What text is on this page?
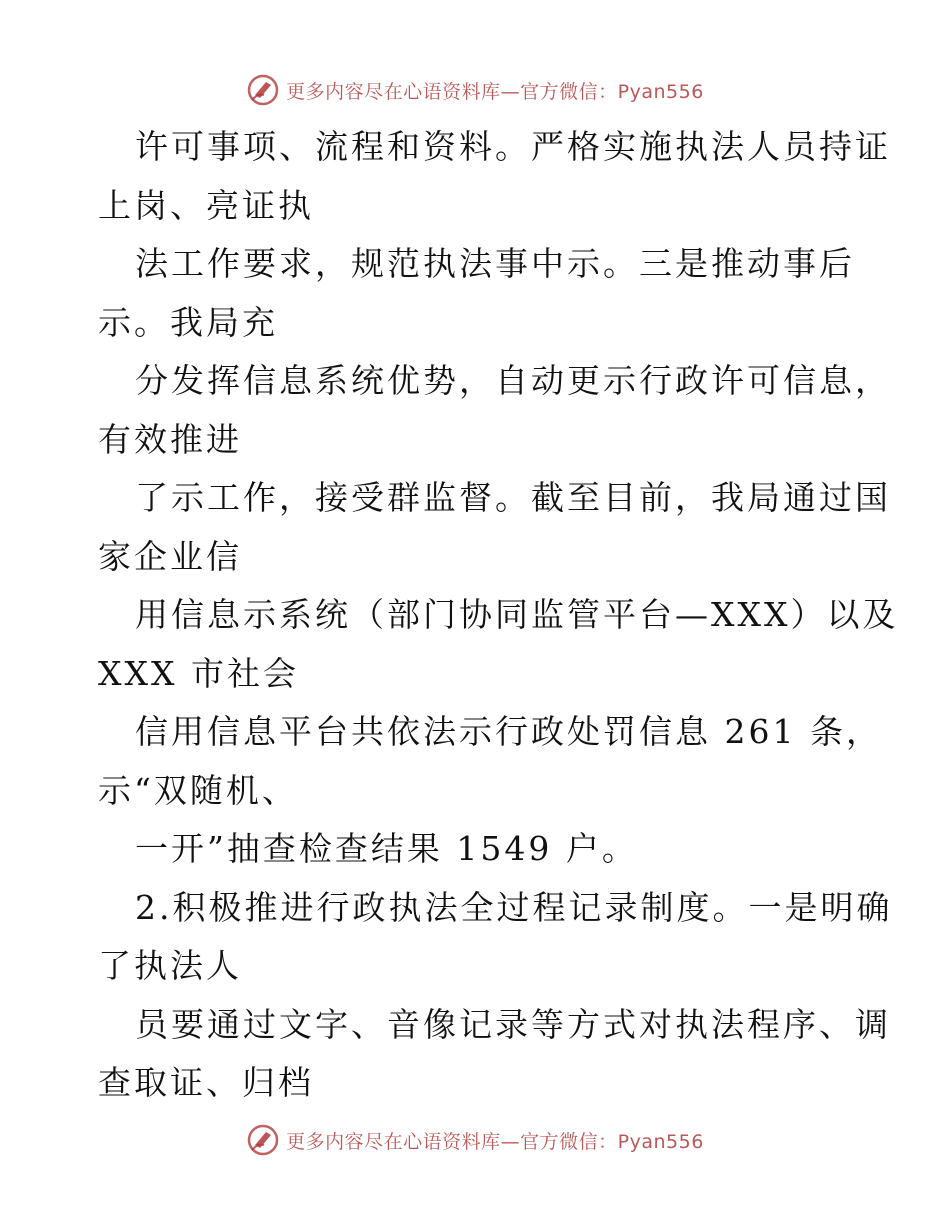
更多内容尽在心语资料库—官方微信：Pyan556
许可事项、流程和资料。严格实施执法人员持证
上岗、亮证执
法工作要求，规范执法事中示。三是推动事后
示。我局充
分发挥信息系统优势，自动更示行政许可信息，
有效推进
了示工作，接受群监督。截至目前，我局通过国
家企业信
用信息示系统（部门协同监管平台—XXX）以及
XXX 市社会
信用信息平台共依法示行政处罚信息 261 条，
示“双随机、
一开”抽查检查结果 1549 户。
2.积极推进行政执法全过程记录制度。一是明确
了执法人
员要通过文字、音像记录等方式对执法程序、调
查取证、归档
更多内容尽在心语资料库—官方微信：Pyan556
